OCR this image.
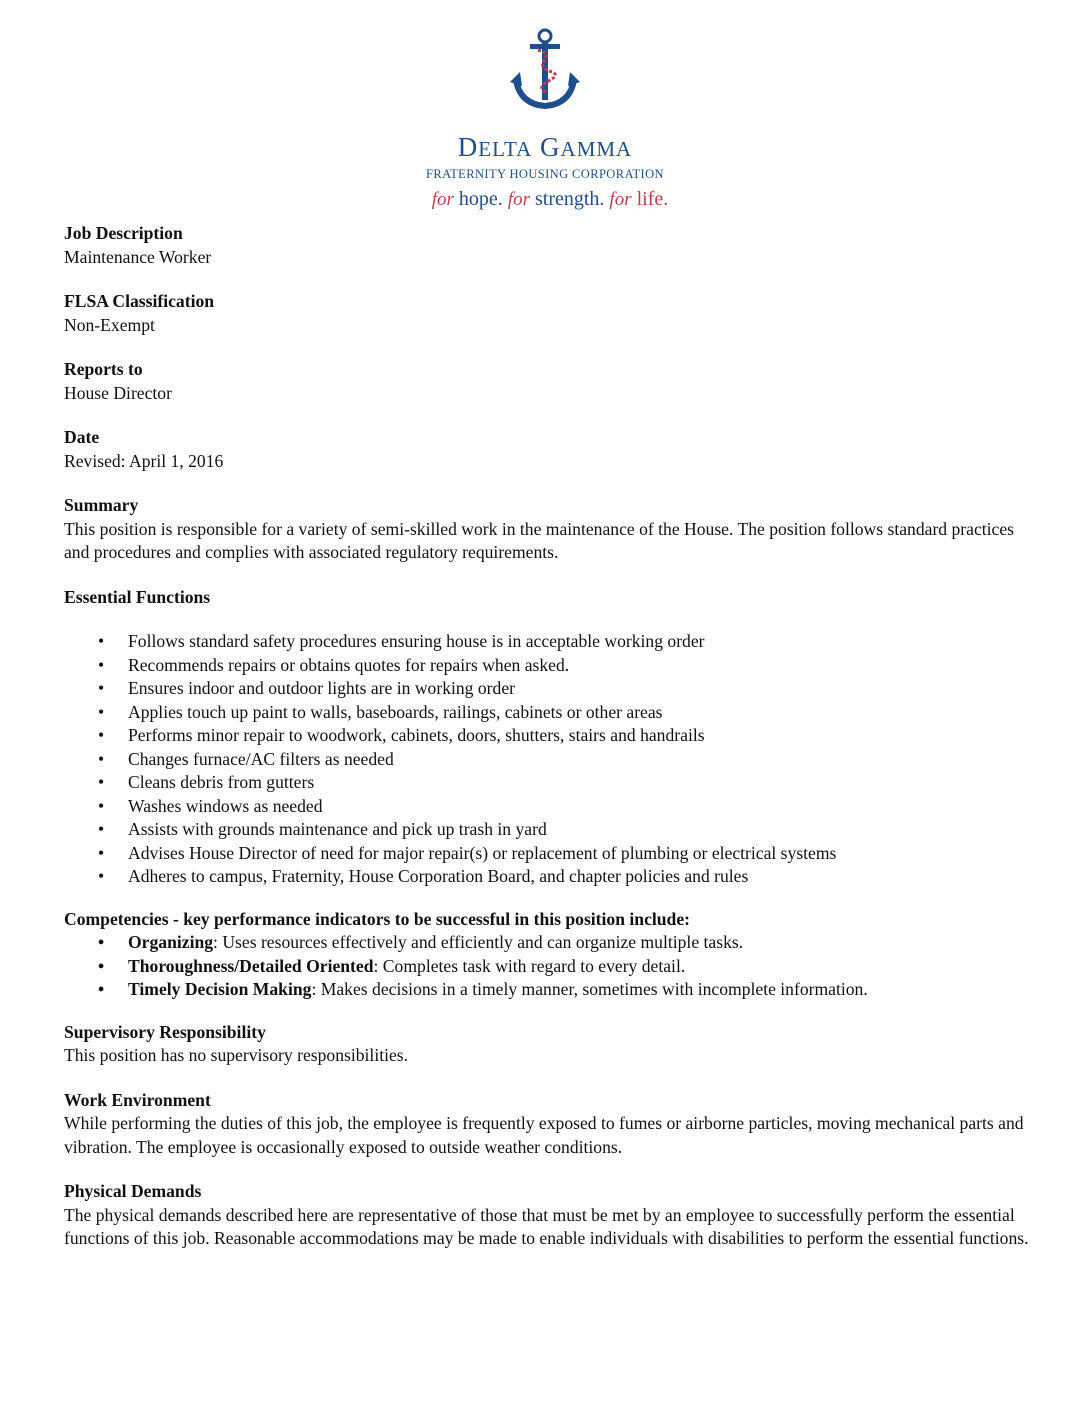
DELTA GAMMA
FRATERNITY HOUSING CORPORATION
for hope. for strength. for life.
Job Description
Maintenance Worker
FLSA Classification
Non-Exempt
Reports to
House Director
Date
Revised: April 1, 2016
Summary
This position is responsible for a variety of semi-skilled work in the maintenance of the House. The position follows standard practices and procedures and complies with associated regulatory requirements.
Essential Functions
• Follows standard safety procedures ensuring house is in acceptable working order
• Recommends repairs or obtains quotes for repairs when asked.
• Ensures indoor and outdoor lights are in working order
• Applies touch up paint to walls, baseboards, railings, cabinets or other areas
• Performs minor repair to woodwork, cabinets, doors, shutters, stairs and handrails
• Changes furnace/AC filters as needed
• Cleans debris from gutters
• Washes windows as needed
• Assists with grounds maintenance and pick up trash in yard
• Advises House Director of need for major repair(s) or replacement of plumbing or electrical systems
• Adheres to campus, Fraternity, House Corporation Board, and chapter policies and rules
Competencies - key performance indicators to be successful in this position include:
• Organizing: Uses resources effectively and efficiently and can organize multiple tasks.
• Thoroughness/Detailed Oriented: Completes task with regard to every detail.
• Timely Decision Making: Makes decisions in a timely manner, sometimes with incomplete information.
Supervisory Responsibility
This position has no supervisory responsibilities.
Work Environment
While performing the duties of this job, the employee is frequently exposed to fumes or airborne particles, moving mechanical parts and vibration. The employee is occasionally exposed to outside weather conditions.
Physical Demands
The physical demands described here are representative of those that must be met by an employee to successfully perform the essential functions of this job. Reasonable accommodations may be made to enable individuals with disabilities to perform the essential functions.
